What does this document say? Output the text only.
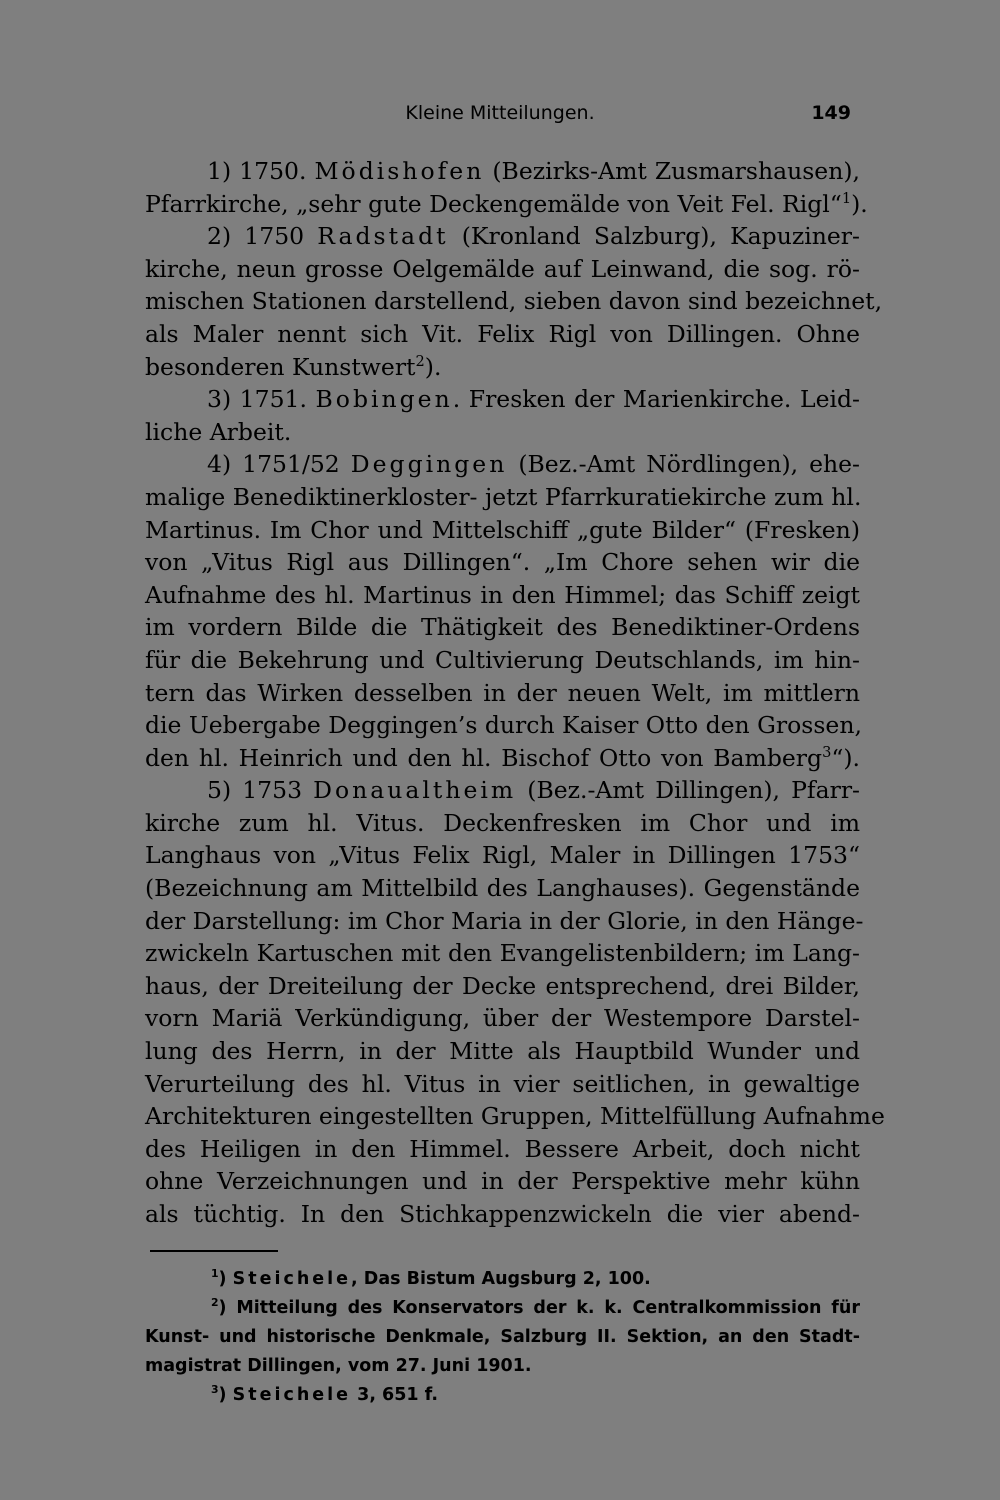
Kleine Mitteilungen.	149

1) 1750. Mödishofen (Bezirks-Amt Zusmarshausen),
Pfarrkirche, „sehr gute Deckengemälde von Veit Fel. Rigl“$^1$).

2) 1750 Radstadt (Kronland Salzburg), Kapuziner-
kirche, neun grosse Oelgemälde auf Leinwand, die sog. rö-
mischen Stationen darstellend, sieben davon sind bezeichnet,
als Maler nennt sich Vit. Felix Rigl von Dillingen. Ohne
besonderen Kunstwert$^2$).

3) 1751. Bobingen. Fresken der Marienkirche. Leid-
liche Arbeit.

4) 1751/52 Deggingen (Bez.-Amt Nördlingen), ehe-
malige Benediktinerkloster- jetzt Pfarrkuratiekirche zum hl.
Martinus. Im Chor und Mittelschiff „gute Bilder“ (Fresken)
von „Vitus Rigl aus Dillingen“. „Im Chore sehen wir die
Aufnahme des hl. Martinus in den Himmel; das Schiff zeigt
im vordern Bilde die Thätigkeit des Benediktiner-Ordens
für die Bekehrung und Cultivierung Deutschlands, im hin-
tern das Wirken desselben in der neuen Welt, im mittlern
die Uebergabe Deggingen’s durch Kaiser Otto den Grossen,
den hl. Heinrich und den hl. Bischof Otto von Bamberg$^3$“).

5) 1753 Donaualtheim (Bez.-Amt Dillingen), Pfarr-
kirche zum hl. Vitus. Deckenfresken im Chor und im
Langhaus von „Vitus Felix Rigl, Maler in Dillingen 1753“
(Bezeichnung am Mittelbild des Langhauses). Gegenstände
der Darstellung: im Chor Maria in der Glorie, in den Hänge-
zwickeln Kartuschen mit den Evangelistenbildern; im Lang-
haus, der Dreiteilung der Decke entsprechend, drei Bilder,
vorn Mariä Verkündigung, über der Westempore Darstel-
lung des Herrn, in der Mitte als Hauptbild Wunder und
Verurteilung des hl. Vitus in vier seitlichen, in gewaltige
Architekturen eingestellten Gruppen, Mittelfüllung Aufnahme
des Heiligen in den Himmel. Bessere Arbeit, doch nicht
ohne Verzeichnungen und in der Perspektive mehr kühn
als tüchtig. In den Stichkappenzwickeln die vier abend-

$^1$) Steichele, Das Bistum Augsburg 2, 100.
$^2$) Mitteilung des Konservators der k. k. Centralkommission für
Kunst- und historische Denkmale, Salzburg II. Sektion, an den Stadt-
magistrat Dillingen, vom 27. Juni 1901.
$^3$) Steichele 3, 651 f.
